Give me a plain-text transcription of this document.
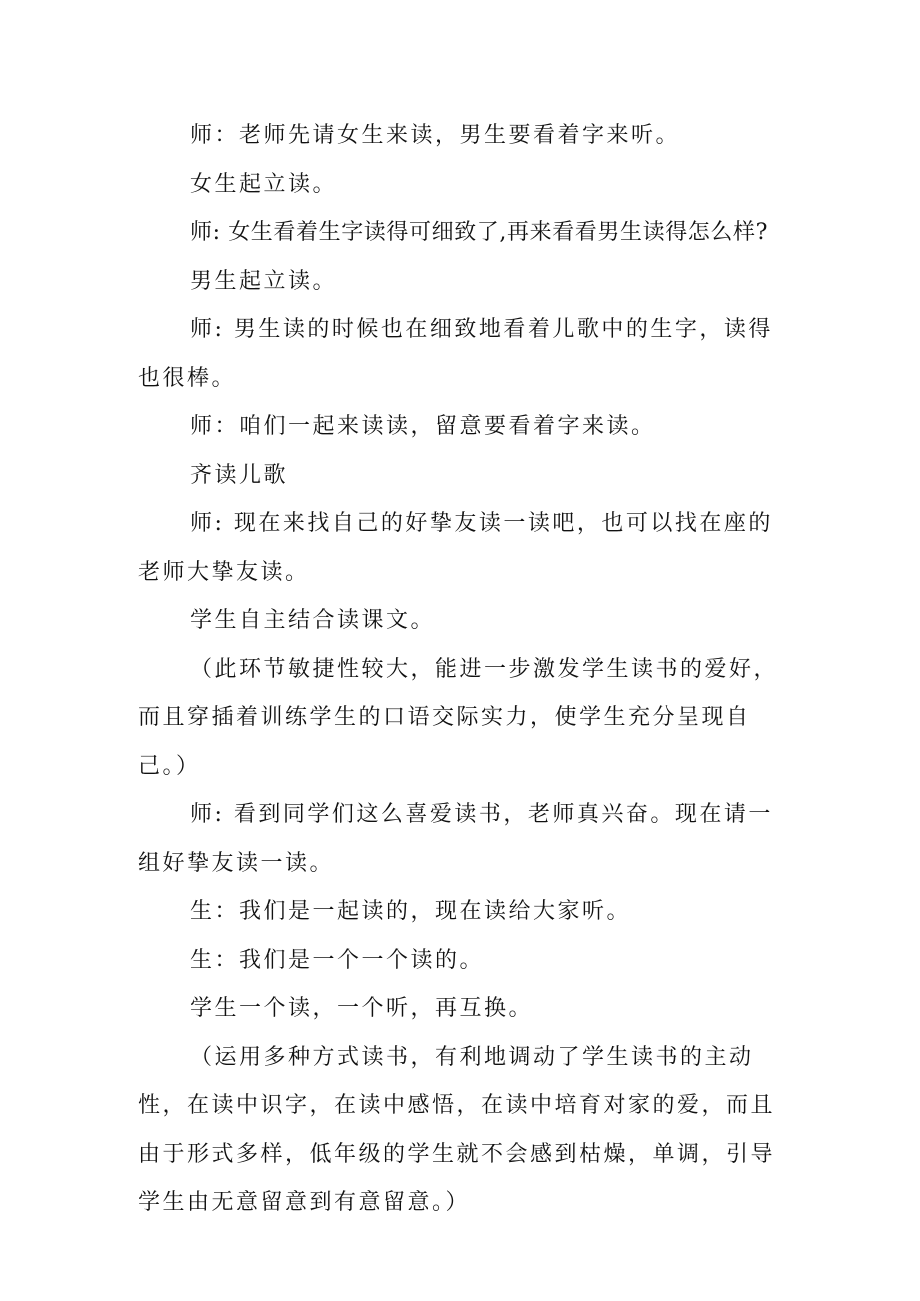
师：老师先请女生来读，男生要看着字来听。

女生起立读。

师: 女生看着生字读得可细致了,再来看看男生读得怎么样?

男生起立读。

师: 男生读的时候也在细致地看着儿歌中的生字，读得也很棒。

师：咱们一起来读读，留意要看着字来读。

齐读儿歌

师: 现在来找自己的好挚友读一读吧，也可以找在座的老师大挚友读。

学生自主结合读课文。

（此环节敏捷性较大，能进一步激发学生读书的爱好，而且穿插着训练学生的口语交际实力，使学生充分呈现自己。）

师: 看到同学们这么喜爱读书，老师真兴奋。现在请一组好挚友读一读。

生：我们是一起读的，现在读给大家听。

生：我们是一个一个读的。

学生一个读，一个听，再互换。

（运用多种方式读书，有利地调动了学生读书的主动性，在读中识字，在读中感悟，在读中培育对家的爱，而且由于形式多样，低年级的学生就不会感到枯燥，单调，引导学生由无意留意到有意留意。）
